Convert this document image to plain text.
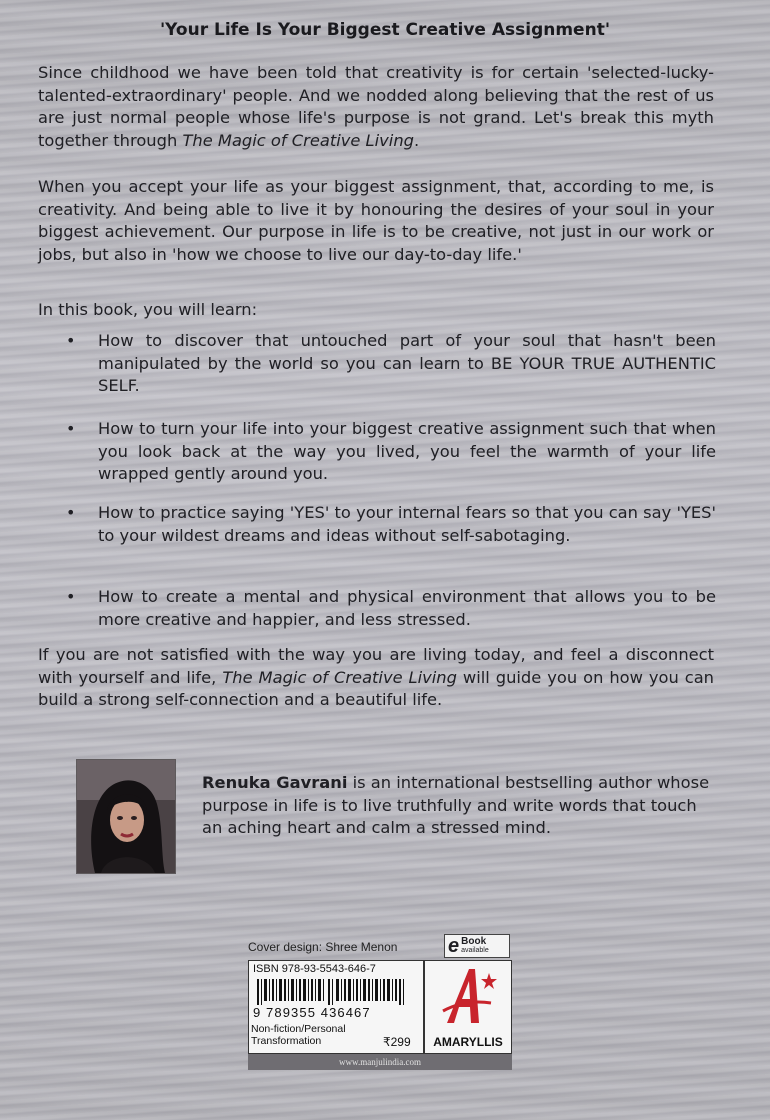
'Your Life Is Your Biggest Creative Assignment'

Since childhood we have been told that creativity is for certain 'selected-lucky-talented-extraordinary' people. And we nodded along believing that the rest of us are just normal people whose life's purpose is not grand. Let's break this myth together through The Magic of Creative Living.

When you accept your life as your biggest assignment, that, according to me, is creativity. And being able to live it by honouring the desires of your soul in your biggest achievement. Our purpose in life is to be creative, not just in our work or jobs, but also in 'how we choose to live our day-to-day life.'

In this book, you will learn:

•	How to discover that untouched part of your soul that hasn't been manipulated by the world so you can learn to BE YOUR TRUE AUTHENTIC SELF.
•	How to turn your life into your biggest creative assignment such that when you look back at the way you lived, you feel the warmth of your life wrapped gently around you.
•	How to practice saying 'YES' to your internal fears so that you can say 'YES' to your wildest dreams and ideas without self-sabotaging.
•	How to create a mental and physical environment that allows you to be more creative and happier, and less stressed.

If you are not satisfied with the way you are living today, and feel a disconnect with yourself and life, The Magic of Creative Living will guide you on how you can build a strong self-connection and a beautiful life.

Renuka Gavrani is an international bestselling author whose purpose in life is to live truthfully and write words that touch an aching heart and calm a stressed mind.

Cover design: Shree Menon	e Book
available
ISBN 978-93-5543-646-7
9 789355 436467
Non-fiction/Personal
Transformation	₹299	AMARYLLIS
www.manjulindia.com
